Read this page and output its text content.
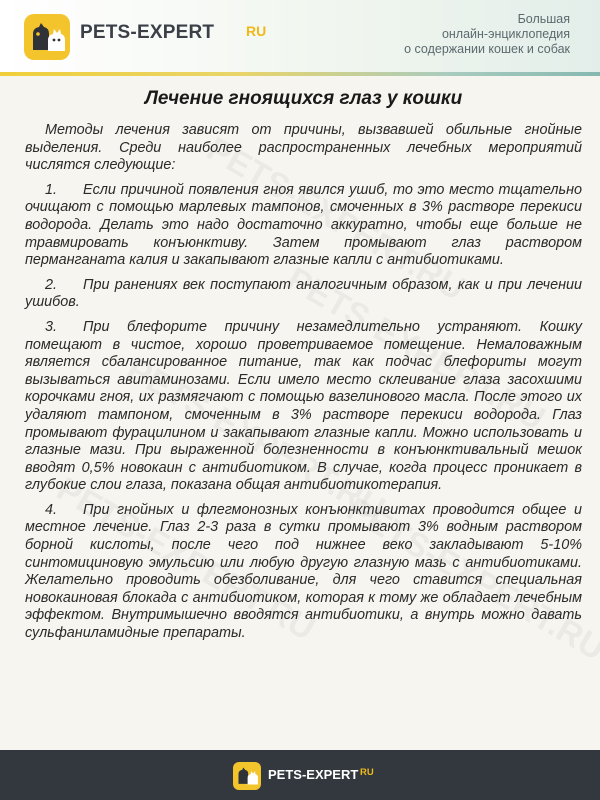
PETS-EXPERT RU
Большая
онлайн-энциклопедия
о содержании кошек и собак
Лечение гноящихся глаз у кошки

Методы лечения зависят от причины, вызвавшей обильные гнойные выделения. Среди наиболее распространенных лечебных мероприятий числятся следующие:

1. Если причиной появления гноя явился ушиб, то это место тщательно очищают с помощью марлевых тампонов, смоченных в 3% растворе перекиси водорода. Делать это надо достаточно аккуратно, чтобы еще больше не травмировать конъюнктиву. Затем промывают глаз раствором перманганата калия и закапывают глазные капли с антибиотиками.

2. При ранениях век поступают аналогичным образом, как и при лечении ушибов.

3. При блефорите причину незамедлительно устраняют. Кошку помещают в чистое, хорошо проветриваемое помещение. Немаловажным является сбалансированное питание, так как подчас блефориты могут вызываться авитаминозами. Если имело место склеивание глаза засохшими корочками гноя, их размягчают с помощью вазелинового масла. После этого их удаляют тампоном, смоченным в 3% растворе перекиси водорода. Глаз промывают фурацилином и закапывают глазные капли. Можно использовать и глазные мази. При выраженной болезненности в конъюнктивальный мешок вводят 0,5% новокаин с антибиотиком. В случае, когда процесс проникает в глубокие слои глаза, показана общая антибиотикотерапия.

4. При гнойных и флегмонозных конъюнктивитах проводится общее и местное лечение. Глаз 2-3 раза в сутки промывают 3% водным раствором борной кислоты, после чего под нижнее веко закладывают 5-10% синтомициновую эмульсию или любую другую глазную мазь с антибиотиками. Желательно проводить обезболивание, для чего ставится специальная новокаиновая блокада с антибиотиком, которая к тому же обладает лечебным эффектом. Внутримышечно вводятся антибиотики, а внутрь можно давать сульфаниламидные препараты.

PETS-EXPERT RU
